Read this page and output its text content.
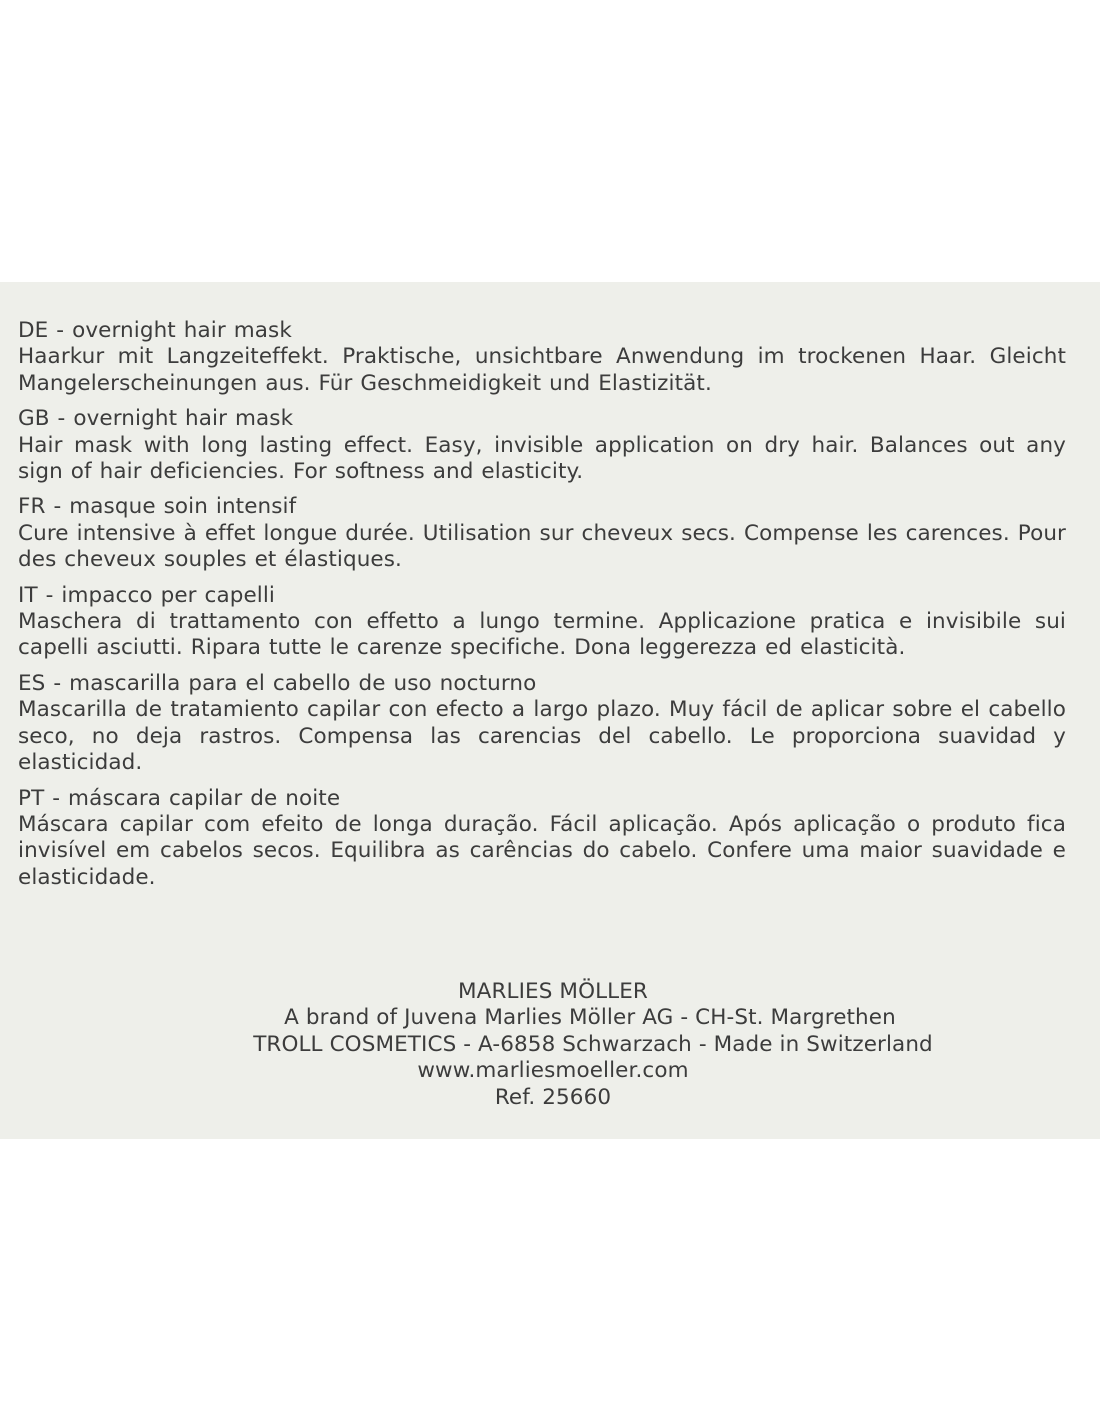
DE - overnight hair mask
Haarkur mit Langzeiteffekt. Praktische, unsichtbare Anwendung im trockenen Haar. Gleicht Mangelerscheinungen aus. Für Geschmeidigkeit und Elastizität.
GB - overnight hair mask
Hair mask with long lasting effect. Easy, invisible application on dry hair. Balances out any sign of hair deficiencies. For softness and elasticity.
FR - masque soin intensif
Cure intensive à effet longue durée. Utilisation sur cheveux secs. Compense les carences. Pour des cheveux souples et élastiques.
IT - impacco per capelli
Maschera di trattamento con effetto a lungo termine. Applicazione pratica e invisibile sui capelli asciutti. Ripara tutte le carenze specifiche. Dona leggerezza ed elasticità.
ES - mascarilla para el cabello de uso nocturno
Mascarilla de tratamiento capilar con efecto a largo plazo. Muy fácil de aplicar sobre el cabello seco, no deja rastros. Compensa las carencias del cabello. Le proporciona suavidad y elasticidad.
PT - máscara capilar de noite
Máscara capilar com efeito de longa duração. Fácil aplicação. Após aplicação o produto fica invisível em cabelos secos. Equilibra as carências do cabelo. Confere uma maior suavidade e elasticidade.
MARLIES MÖLLER
A brand of Juvena Marlies Möller AG - CH-St. Margrethen
TROLL COSMETICS - A-6858 Schwarzach - Made in Switzerland
www.marliesmoeller.com
Ref. 25660
